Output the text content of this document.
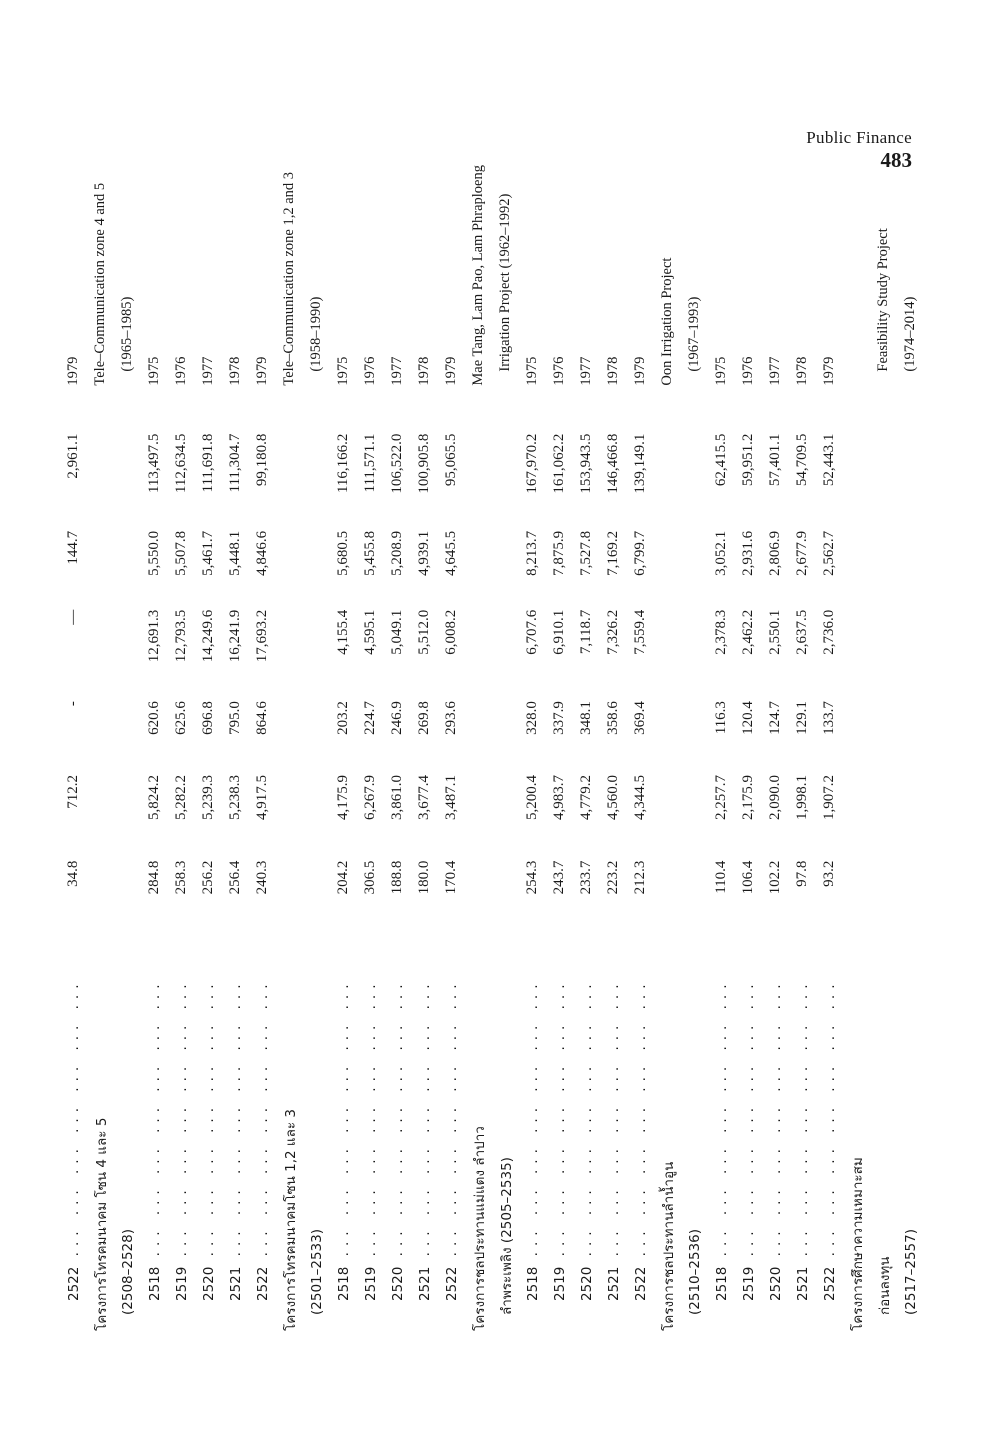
Public Finance
483
2522 ... ... ... ... ... ... ...	34.8	712.2	-	—	144.7	2,961.1	1979
โครงการโทรคมนาคม โซน 4 และ 5							Tele–Communication zone 4 and 5
(2508–2528)							(1965–1985)
2518 ... ... ... ... ... ... ...	284.8	5,824.2	620.6	12,691.3	5,550.0	113,497.5	1975
2519 ... ... ... ... ... ... ...	258.3	5,282.2	625.6	12,793.5	5,507.8	112,634.5	1976
2520 ... ... ... ... ... ... ...	256.2	5,239.3	696.8	14,249.6	5,461.7	111,691.8	1977
2521 ... ... ... ... ... ... ...	256.4	5,238.3	795.0	16,241.9	5,448.1	111,304.7	1978
2522 ... ... ... ... ... ... ...	240.3	4,917.5	864.6	17,693.2	4,846.6	99,180.8	1979
โครงการโทรคมนาคมโซน 1,2 และ 3							Tele–Communication zone 1,2 and 3
(2501–2533)							(1958–1990)
2518 ... ... ... ... ... ... ...	204.2	4,175.9	203.2	4,155.4	5,680.5	116,166.2	1975
2519 ... ... ... ... ... ... ...	306.5	6,267.9	224.7	4,595.1	5,455.8	111,571.1	1976
2520 ... ... ... ... ... ... ...	188.8	3,861.0	246.9	5,049.1	5,208.9	106,522.0	1977
2521 ... ... ... ... ... ... ...	180.0	3,677.4	269.8	5,512.0	4,939.1	100,905.8	1978
2522 ... ... ... ... ... ... ...	170.4	3,487.1	293.6	6,008.2	4,645.5	95,065.5	1979
โครงการชลประทานแม่แตง ลำปาว							Mae Tang, Lam Pao, Lam Phraploeng
ลำพระเพลิง (2505–2535)							Irrigation Project (1962–1992)
2518 ... ... ... ... ... ... ...	254.3	5,200.4	328.0	6,707.6	8,213.7	167,970.2	1975
2519 ... ... ... ... ... ... ...	243.7	4,983.7	337.9	6,910.1	7,875.9	161,062.2	1976
2520 ... ... ... ... ... ... ...	233.7	4,779.2	348.1	7,118.7	7,527.8	153,943.5	1977
2521 ... ... ... ... ... ... ...	223.2	4,560.0	358.6	7,326.2	7,169.2	146,466.8	1978
2522 ... ... ... ... ... ... ...	212.3	4,344.5	369.4	7,559.4	6,799.7	139,149.1	1979
โครงการชลประทานลำน้ำอูน							Oon Irrigation Project
(2510–2536)							(1967–1993)
2518 ... ... ... ... ... ... ...	110.4	2,257.7	116.3	2,378.3	3,052.1	62,415.5	1975
2519 ... ... ... ... ... ... ...	106.4	2,175.9	120.4	2,462.2	2,931.6	59,951.2	1976
2520 ... ... ... ... ... ... ...	102.2	2,090.0	124.7	2,550.1	2,806.9	57,401.1	1977
2521 ... ... ... ... ... ... ...	97.8	1,998.1	129.1	2,637.5	2,677.9	54,709.5	1978
2522 ... ... ... ... ... ... ...	93.2	1,907.2	133.7	2,736.0	2,562.7	52,443.1	1979
โครงการศึกษาความเหมาะสม							
ก่อนลงทุน							Feasibility Study Project
(2517–2557)							(1974–2014)
